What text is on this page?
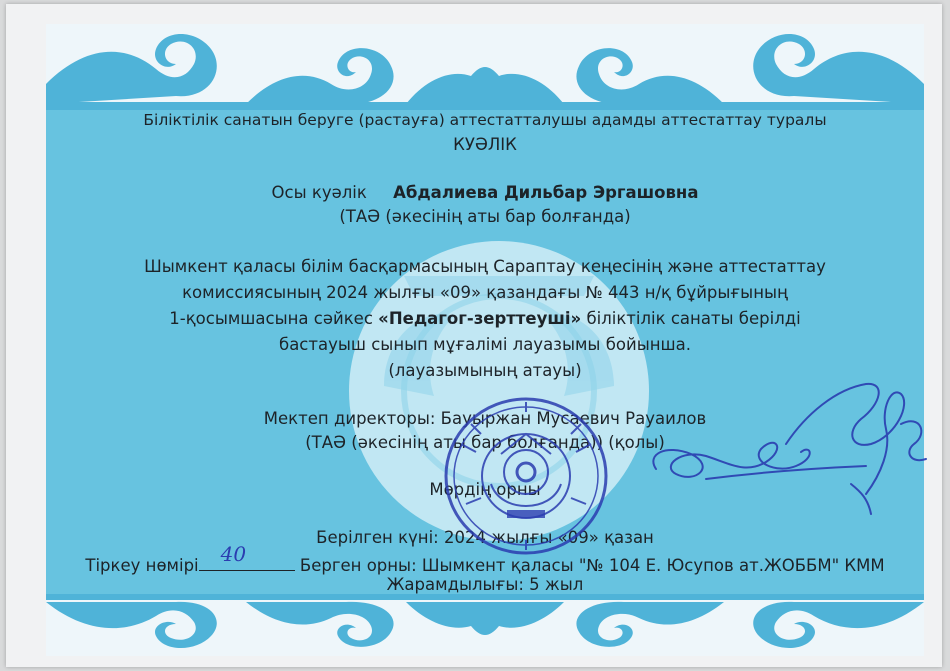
Біліктілік санатын беруге (растауға) аттестатталушы адамды аттестаттау туралы
КУӘЛІК
Осы куәлік Абдалиева Дильбар Эргашовна
(ТАӘ (әкесінің аты бар болғанда)
Шымкент қаласы білім басқармасының Сараптау кеңесінің және аттестаттау
комиссиясының 2024 жылғы «09» қазандағы № 443 н/қ бұйрығының
1-қосымшасына сәйкес «Педагог-зерттеуші» біліктілік санаты берілді
бастауыш сынып мұғалімі лауазымы бойынша.
(лауазымының атауы)
Мектеп директоры: Бауыржан Мусаевич Рауаилов
(ТАӘ (әкесінің аты бар болғанда)) (қолы)
Мөрдің орны
Берілген күні: 2024 жылғы «09» қазан
Тіркеу нөмірі 40	Берген орны: Шымкент қаласы "№ 104 Е. Юсупов ат.ЖОББМ" КММ
Жарамдылығы: 5 жыл
